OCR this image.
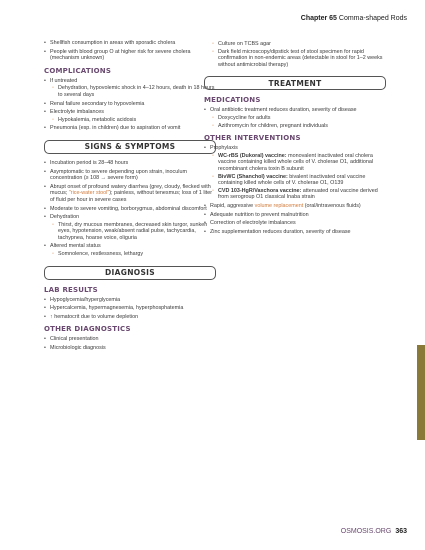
Chapter 65 Comma-shaped Rods
• Shellfish consumption in areas with sporadic cholera
• People with blood group O at higher risk for severe cholera (mechanism unknown)
COMPLICATIONS
• If untreated
◦ Dehydration, hypovolemic shock in 4–12 hours, death in 18 hours to several days
• Renal failure secondary to hypovolemia
• Electrolyte imbalances
◦ Hypokalemia, metabolic acidosis
• Pneumonia (esp. in children) due to aspiration of vomit
SIGNS & SYMPTOMS
• Incubation period is 28–48 hours
• Asymptomatic to severe depending upon strain, inoculum concentration (≥ 108 → severe form)
• Abrupt onset of profound watery diarrhea (grey, cloudy, flecked with mucus; "rice-water stool"); painless, without tenesmus; loss of 1 liter of fluid per hour in severe cases
• Moderate to severe vomiting, borborygmus, abdominal discomfort
• Dehydration
◦ Thirst, dry mucous membranes, decreased skin turgor, sunken eyes, hypotension, weak/absent radial pulse, tachycardia, tachypnea, hoarse voice, oliguria
• Altered mental status
◦ Somnolence, restlessness, lethargy
DIAGNOSIS
LAB RESULTS
• Hypoglycemia/hyperglycemia
• Hypercalcemia, hypermagnesemia, hyperphosphatemia
• ↑ hematocrit due to volume depletion
OTHER DIAGNOSTICS
• Clinical presentation
• Microbiologic diagnosis
◦ Culture on TCBS agar
◦ Dark field microscopy/dipstick test of stool specimen for rapid confirmation in non-endemic areas (detectable in stool for 1–2 weeks without antimicrobial therapy)
TREATMENT
MEDICATIONS
• Oral antibiotic treatment reduces duration, severity of disease
◦ Doxycycline for adults
◦ Azithromycin for children, pregnant individuals
OTHER INTERVENTIONS
• Prophylaxis
◦ WC-rBS (Dukoral) vaccine: monovalent inactivated oral cholera vaccine containing killed whole cells of V. cholerae O1, additional recombinant cholera toxin B subunit
◦ BivWC (Shanchol) vaccine: bivalent inactivated oral vaccine containing killed whole cells of V. cholerae O1, O139
◦ CVD 103-HgR/Vaxchora vaccine: attenuated oral vaccine derived from serogroup O1 classical Inaba strain
• Rapid, aggressive volume replacement (oral/intravenous fluids)
• Adequate nutrition to prevent malnutrition
• Correction of electrolyte imbalances
• Zinc supplementation reduces duration, severity of disease
OSMOSIS.ORG 363
